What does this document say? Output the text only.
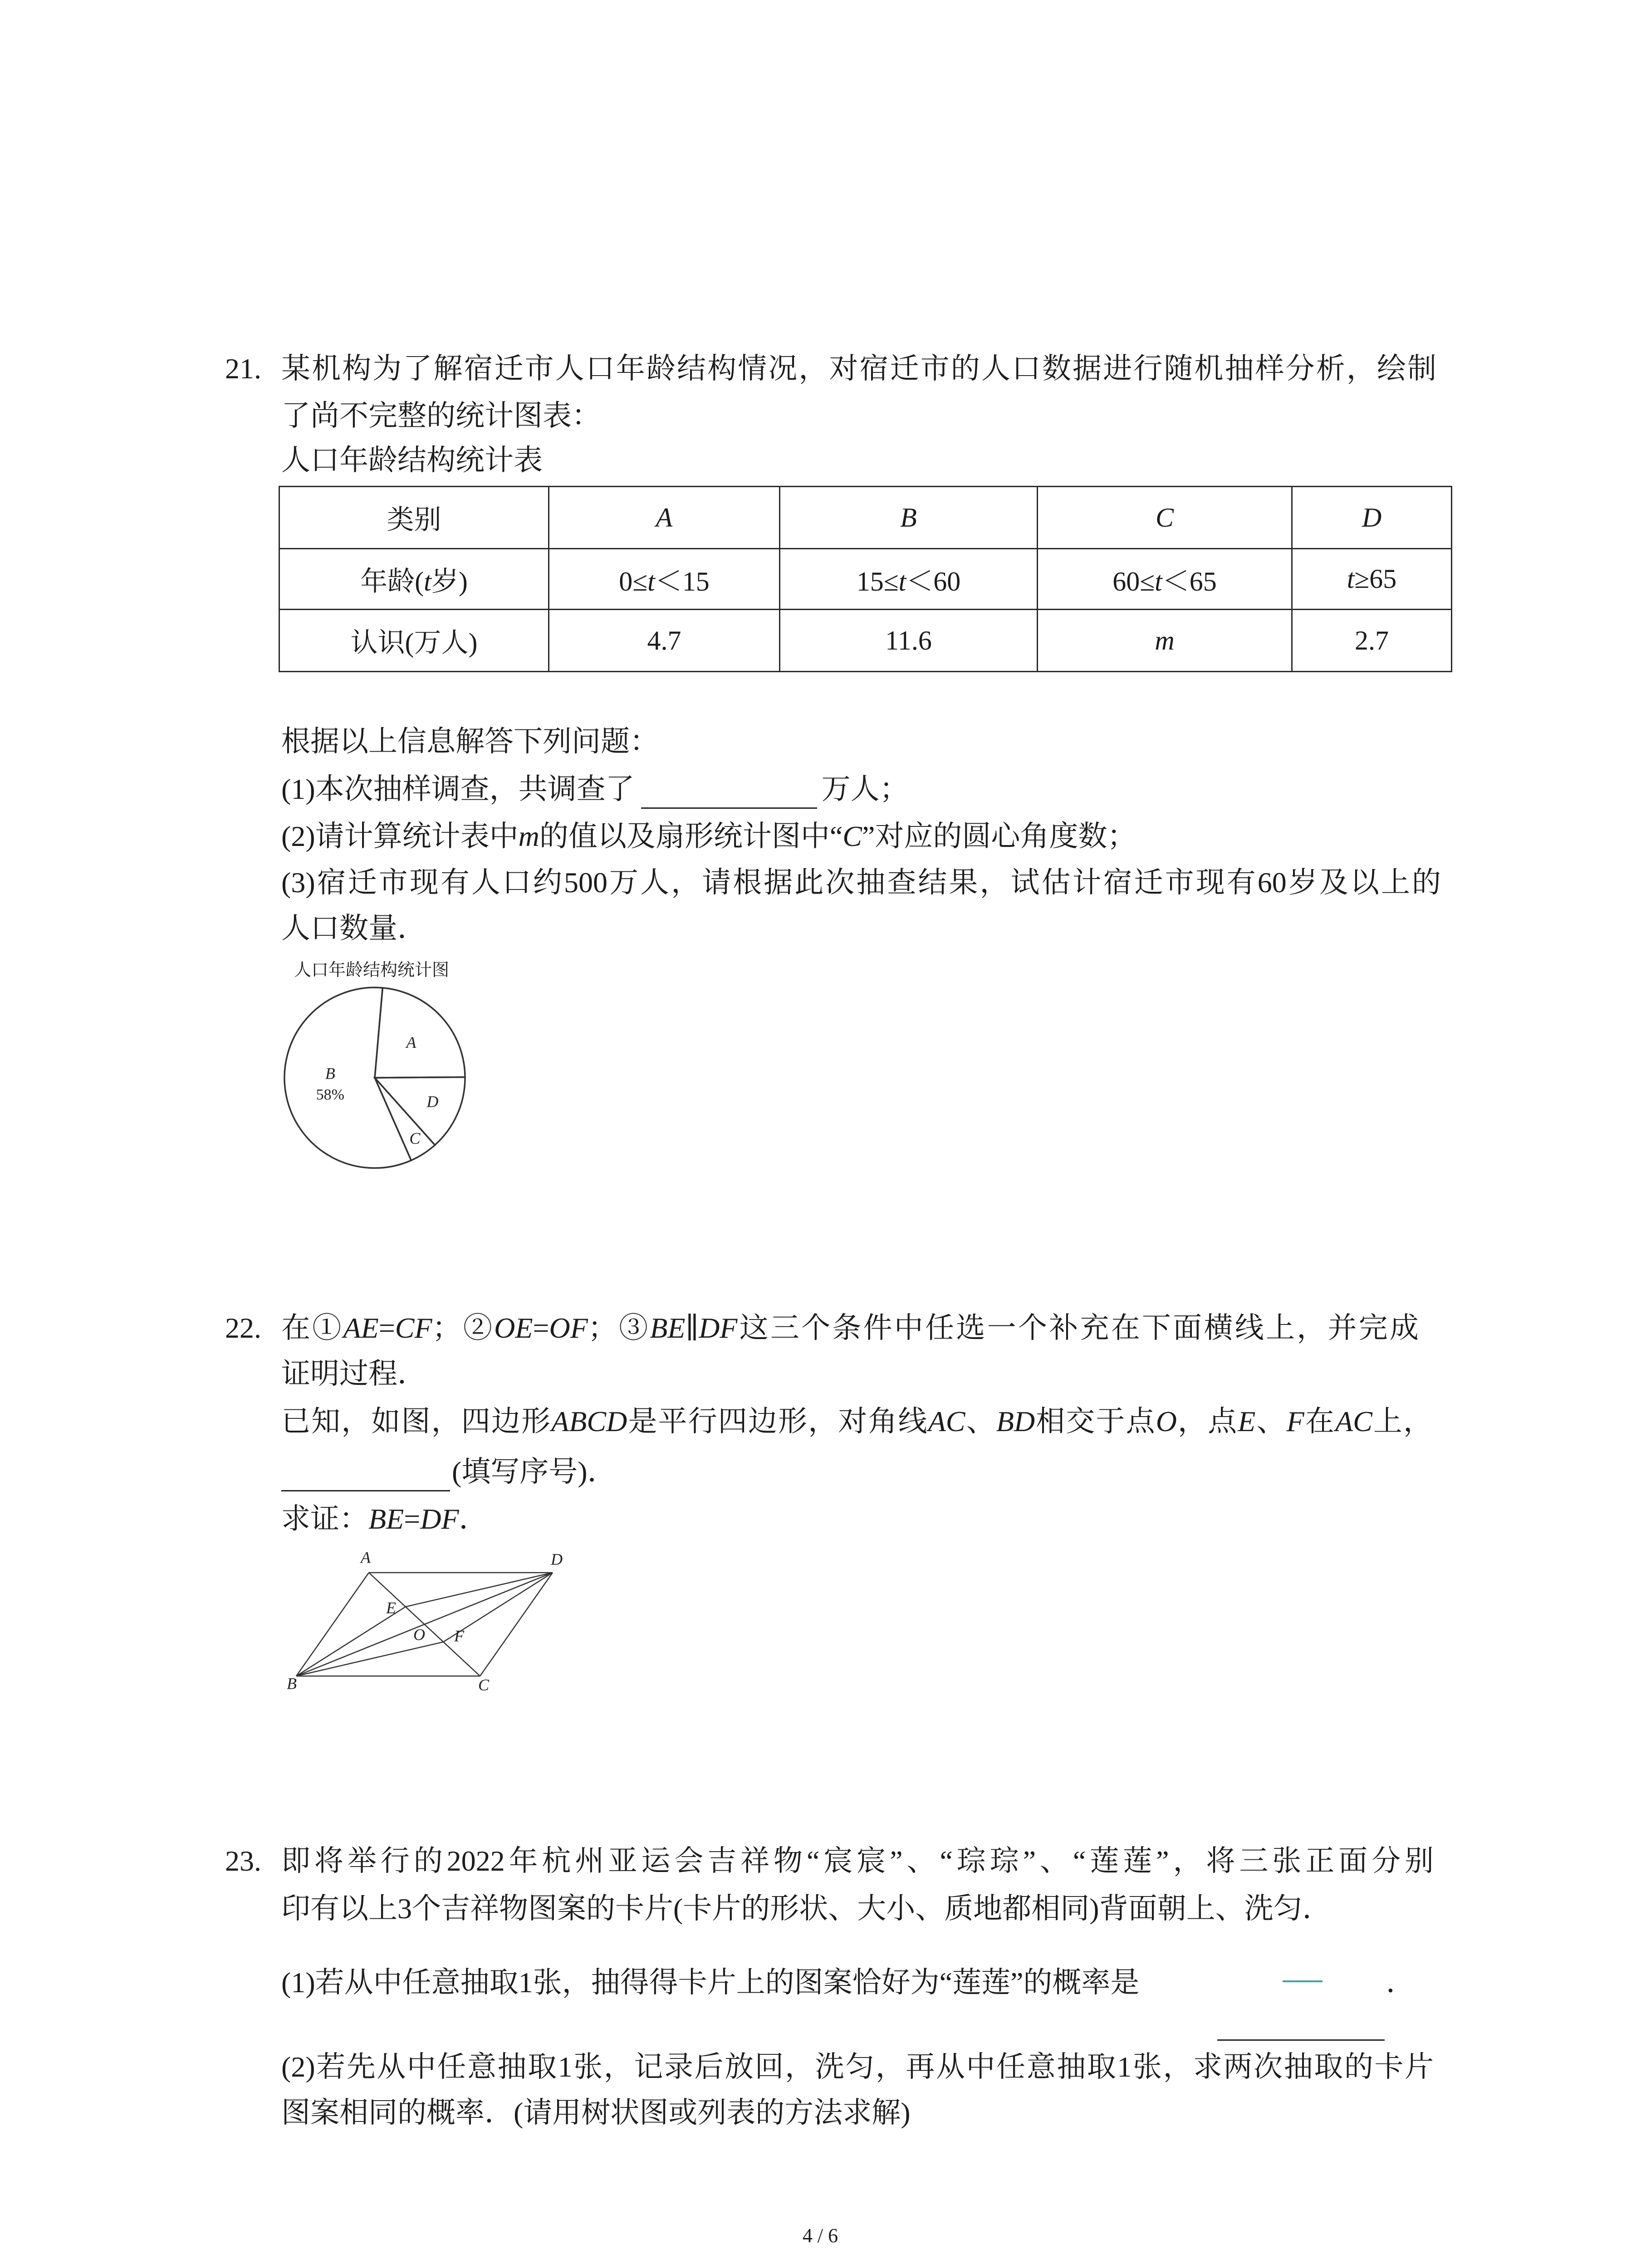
21. 某机构为了解宿迁市人口年龄结构情况，对宿迁市的人口数据进行随机抽样分析，绘制
了尚不完整的统计图表：
人口年龄结构统计表
类别	A	B	C	D
年龄(t岁)	0≤t＜15	15≤t＜60	60≤t＜65	t≥65
认识(万人)	4.7	11.6	m	2.7
根据以上信息解答下列问题：
(1)本次抽样调查，共调查了	万人；
(2)请计算统计表中m的值以及扇形统计图中“C”对应的圆心角度数；
(3)宿迁市现有人口约500万人，请根据此次抽查结果，试估计宿迁市现有60岁及以上的
人口数量．
人口年龄结构统计图
A
D
C
B
58%
22. 在①AE=CF；②OE=OF；③BE∥DF这三个条件中任选一个补充在下面横线上，并完成
证明过程．
已知，如图，四边形ABCD是平行四边形，对角线AC、BD相交于点O，点E、F在AC上，
(填写序号)．
求证：BE=DF．
A	D
B	C
E
O F
23. 即将举行的2022年杭州亚运会吉祥物“宸宸”、“琮琮”、“莲莲”，将三张正面分别
印有以上3个吉祥物图案的卡片(卡片的形状、大小、质地都相同)背面朝上、洗匀．
(1)若从中任意抽取1张，抽得得卡片上的图案恰好为“莲莲”的概率是	．
(2)若先从中任意抽取1张，记录后放回，洗匀，再从中任意抽取1张，求两次抽取的卡片
图案相同的概率．(请用树状图或列表的方法求解)
4 / 6
